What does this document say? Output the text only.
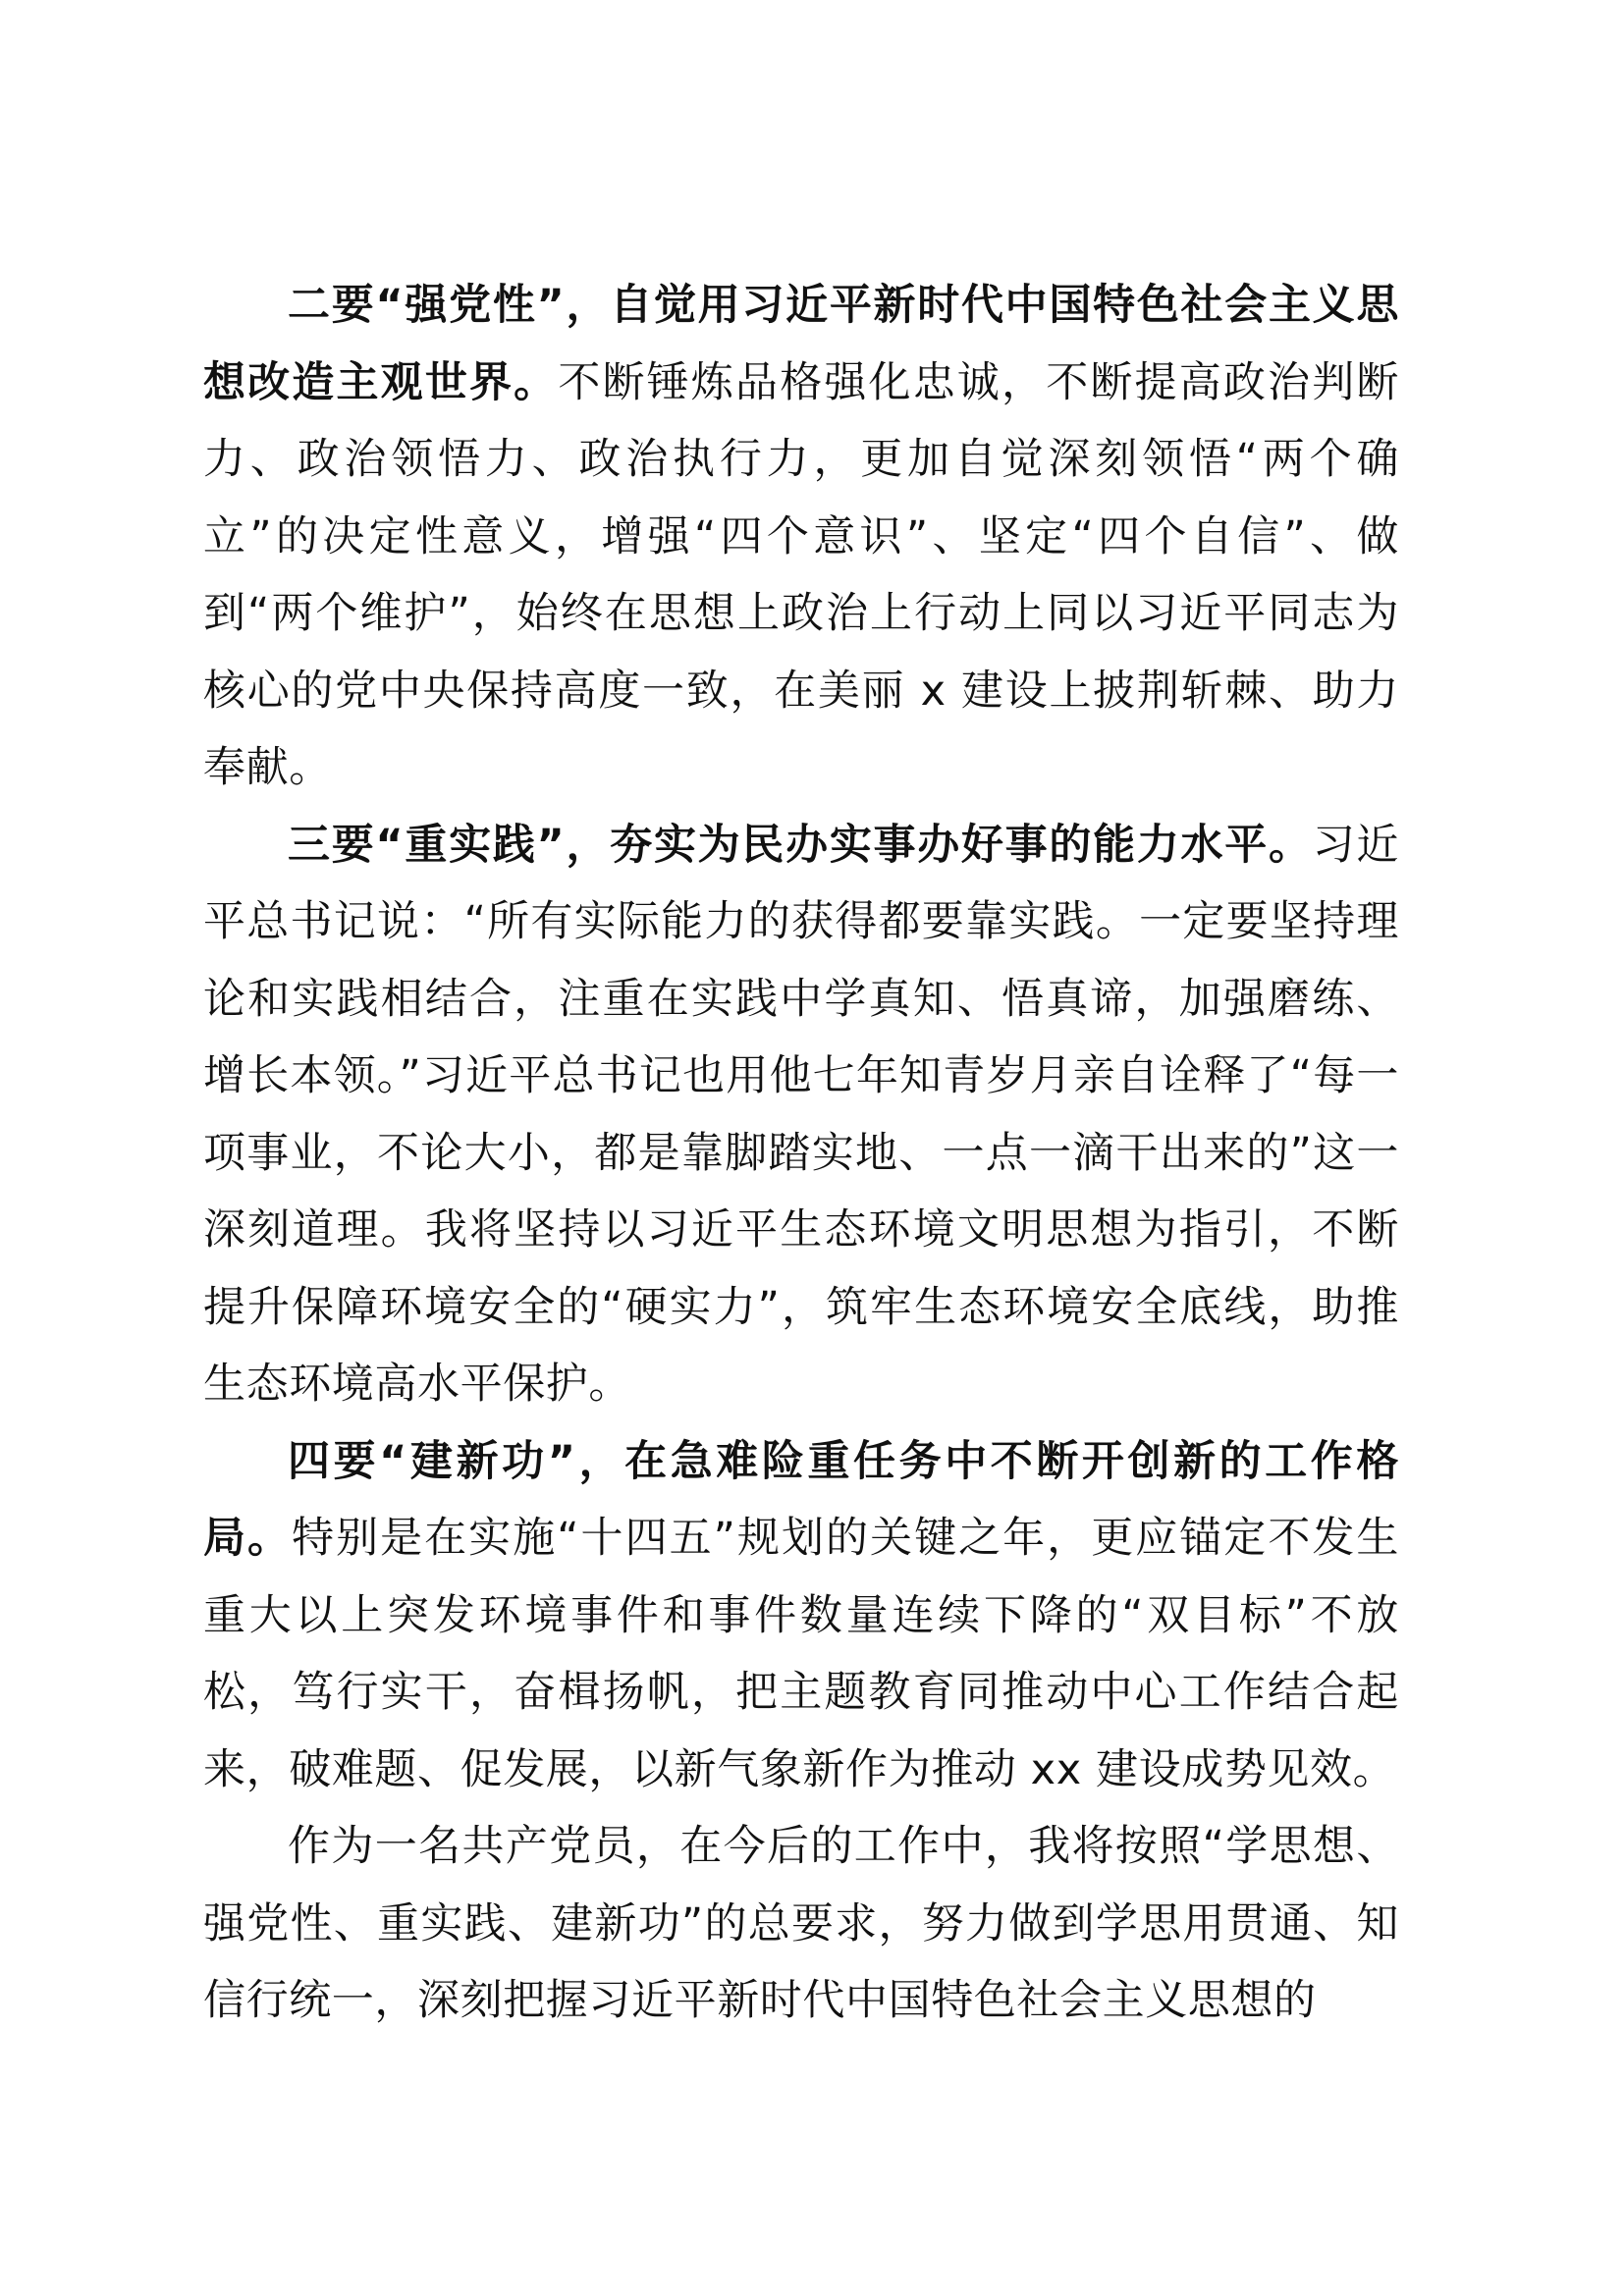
二要“强党性”，自觉用习近平新时代中国特色社会主义思想改造主观世界。不断锤炼品格强化忠诚，不断提高政治判断力、政治领悟力、政治执行力，更加自觉深刻领悟“两个确立”的决定性意义，增强“四个意识”、坚定“四个自信”、做到“两个维护”，始终在思想上政治上行动上同以习近平同志为核心的党中央保持高度一致，在美丽 x 建设上披荆斩棘、助力奉献。

三要“重实践”，夯实为民办实事办好事的能力水平。习近平总书记说：“所有实际能力的获得都要靠实践。一定要坚持理论和实践相结合，注重在实践中学真知、悟真谛，加强磨练、增长本领。”习近平总书记也用他七年知青岁月亲自诠释了“每一项事业，不论大小，都是靠脚踏实地、一点一滴干出来的”这一深刻道理。我将坚持以习近平生态环境文明思想为指引，不断提升保障环境安全的“硬实力”，筑牢生态环境安全底线，助推生态环境高水平保护。

四要“建新功”，在急难险重任务中不断开创新的工作格局。特别是在实施“十四五”规划的关键之年，更应锚定不发生重大以上突发环境事件和事件数量连续下降的“双目标”不放松，笃行实干，奋楫扬帆，把主题教育同推动中心工作结合起来，破难题、促发展，以新气象新作为推动 xx 建设成势见效。

作为一名共产党员，在今后的工作中，我将按照“学思想、强党性、重实践、建新功”的总要求，努力做到学思用贯通、知信行统一，深刻把握习近平新时代中国特色社会主义思想的
